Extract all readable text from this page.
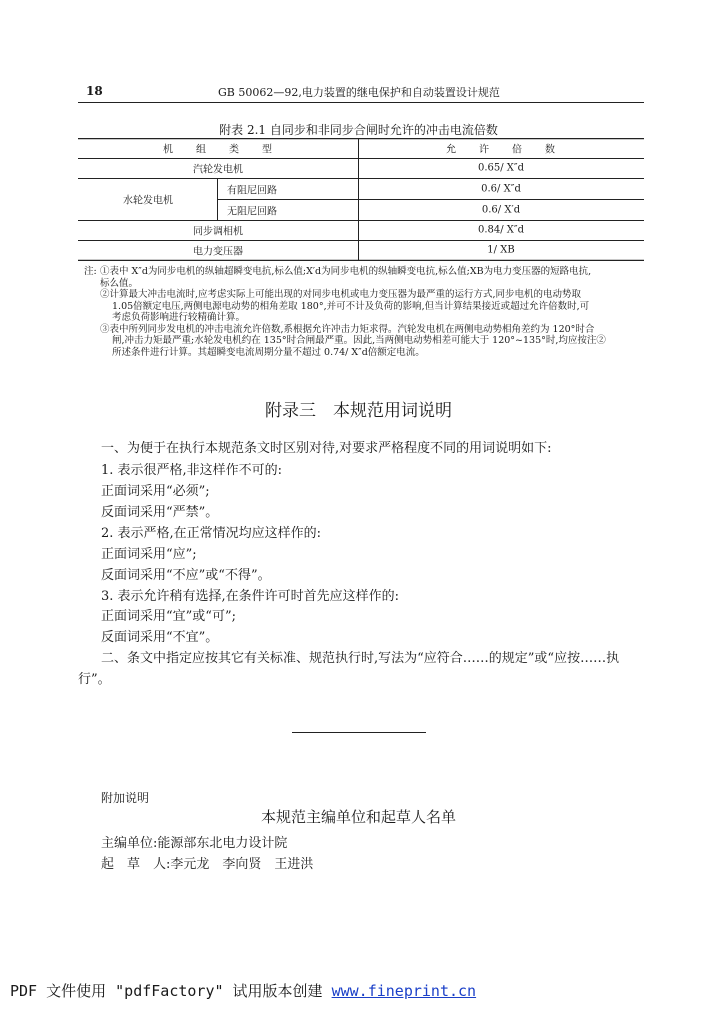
18	GB 50062—92,电力装置的继电保护和自动装置设计规范
附表 2.1 自同步和非同步合闸时允许的冲击电流倍数
机　　组　　类　　型	允　　许　　倍　　数
汽轮发电机	0.65/ X″d
水轮发电机
有阻尼回路	0.6/ X″d
无阻尼回路	0.6/ X′d
同步调相机	0.84/ X″d
电力变压器	1/ XB
注: ①表中 X″d为同步电机的纵轴超瞬变电抗,标么值;X′d为同步电机的纵轴瞬变电抗,标么值;XB为电力变压器的短路电抗,
标么值。
②计算最大冲击电流时,应考虑实际上可能出现的对同步电机或电力变压器为最严重的运行方式,同步电机的电动势取
1.05倍额定电压,两侧电源电动势的相角差取 180°,并可不计及负荷的影响,但当计算结果接近或超过允许倍数时,可
考虑负荷影响进行较精确计算。
③表中所列同步发电机的冲击电流允许倍数,系根据允许冲击力矩求得。汽轮发电机在两侧电动势相角差约为 120°时合
闸,冲击力矩最严重;水轮发电机约在 135°时合闸最严重。因此,当两侧电动势相差可能大于 120°~135°时,均应按注②
所述条件进行计算。其超瞬变电流周期分量不超过 0.74/ X″d倍额定电流。
附录三　本规范用词说明
一、为便于在执行本规范条文时区别对待,对要求严格程度不同的用词说明如下:
1. 表示很严格,非这样作不可的:
正面词采用“必须”;
反面词采用“严禁”。
2. 表示严格,在正常情况均应这样作的:
正面词采用“应”;
反面词采用“不应”或“不得”。
3. 表示允许稍有选择,在条件许可时首先应这样作的:
正面词采用“宜”或“可”;
反面词采用“不宜”。
二、条文中指定应按其它有关标准、规范执行时,写法为“应符合……的规定”或“应按……执
行”。
附加说明
本规范主编单位和起草人名单
主编单位:能源部东北电力设计院
起　草　人:李元龙　李向贤　王进洪
PDF 文件使用 "pdfFactory" 试用版本创建 www.fineprint.cn
